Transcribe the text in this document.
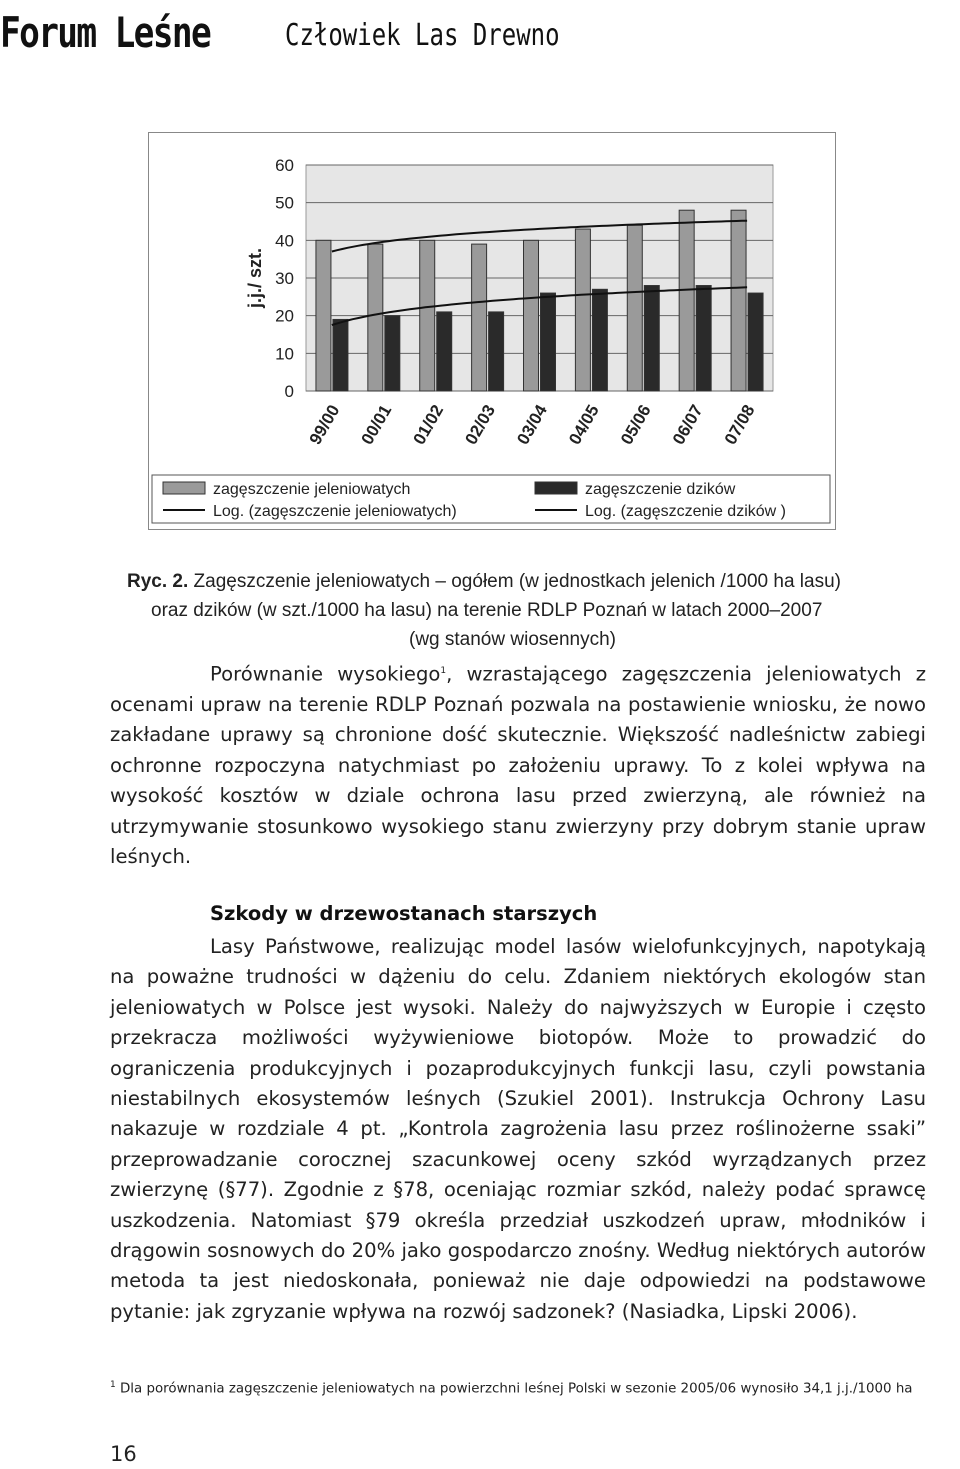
Forum Leśne Człowiek Las Drewno
0
10
20
30
40
50
60
j.j./ szt.
99/00 00/01 01/02 02/03 03/04 04/05 05/06 06/07 07/08
zagęszczenie jeleniowatych
Log. (zagęszczenie jeleniowatych)
zagęszczenie dzików
Log. (zagęszczenie dzików )
Ryc. 2. Zagęszczenie jeleniowatych – ogółem (w jednostkach jelenich /1000 ha lasu)
oraz dzików (w szt./1000 ha lasu) na terenie RDLP Poznań w latach 2000–2007
(wg stanów wiosennych)

Porównanie wysokiego$^1$, wzrastającego zagęszczenia jeleniowatych z ocenami upraw na terenie RDLP Poznań pozwala na postawienie wniosku, że nowo zakładane uprawy są chronione dość skutecznie. Większość nadleśnictw zabiegi ochronne rozpoczyna natychmiast po założeniu uprawy. To z kolei wpływa na wysokość kosztów w dziale ochrona lasu przed zwierzyną, ale również na utrzymywanie stosunkowo wysokiego stanu zwierzyny przy dobrym stanie upraw leśnych.

Szkody w drzewostanach starszych

Lasy Państwowe, realizując model lasów wielofunkcyjnych, napotykają na poważne trudności w dążeniu do celu. Zdaniem niektórych ekologów stan jeleniowatych w Polsce jest wysoki. Należy do najwyższych w Europie i często przekracza możliwości wyżywieniowe biotopów. Może to prowadzić do ograniczenia produkcyjnych i pozaprodukcyjnych funkcji lasu, czyli powstania niestabilnych ekosystemów leśnych (Szukiel 2001). Instrukcja Ochrony Lasu nakazuje w rozdziale 4 pt. „Kontrola zagrożenia lasu przez roślinożerne ssaki” przeprowadzanie corocznej szacunkowej oceny szkód wyrządzanych przez zwierzynę (§77). Zgodnie z §78, oceniając rozmiar szkód, należy podać sprawcę uszkodzenia. Natomiast §79 określa przedział uszkodzeń upraw, młodników i drągowin sosnowych do 20% jako gospodarczo znośny. Według niektórych autorów metoda ta jest niedoskonała, ponieważ nie daje odpowiedzi na podstawowe pytanie: jak zgryzanie wpływa na rozwój sadzonek? (Nasiadka, Lipski 2006).

$^1$ Dla porównania zagęszczenie jeleniowatych na powierzchni leśnej Polski w sezonie 2005/06 wynosiło 34,1 j.j./1000 ha
16
